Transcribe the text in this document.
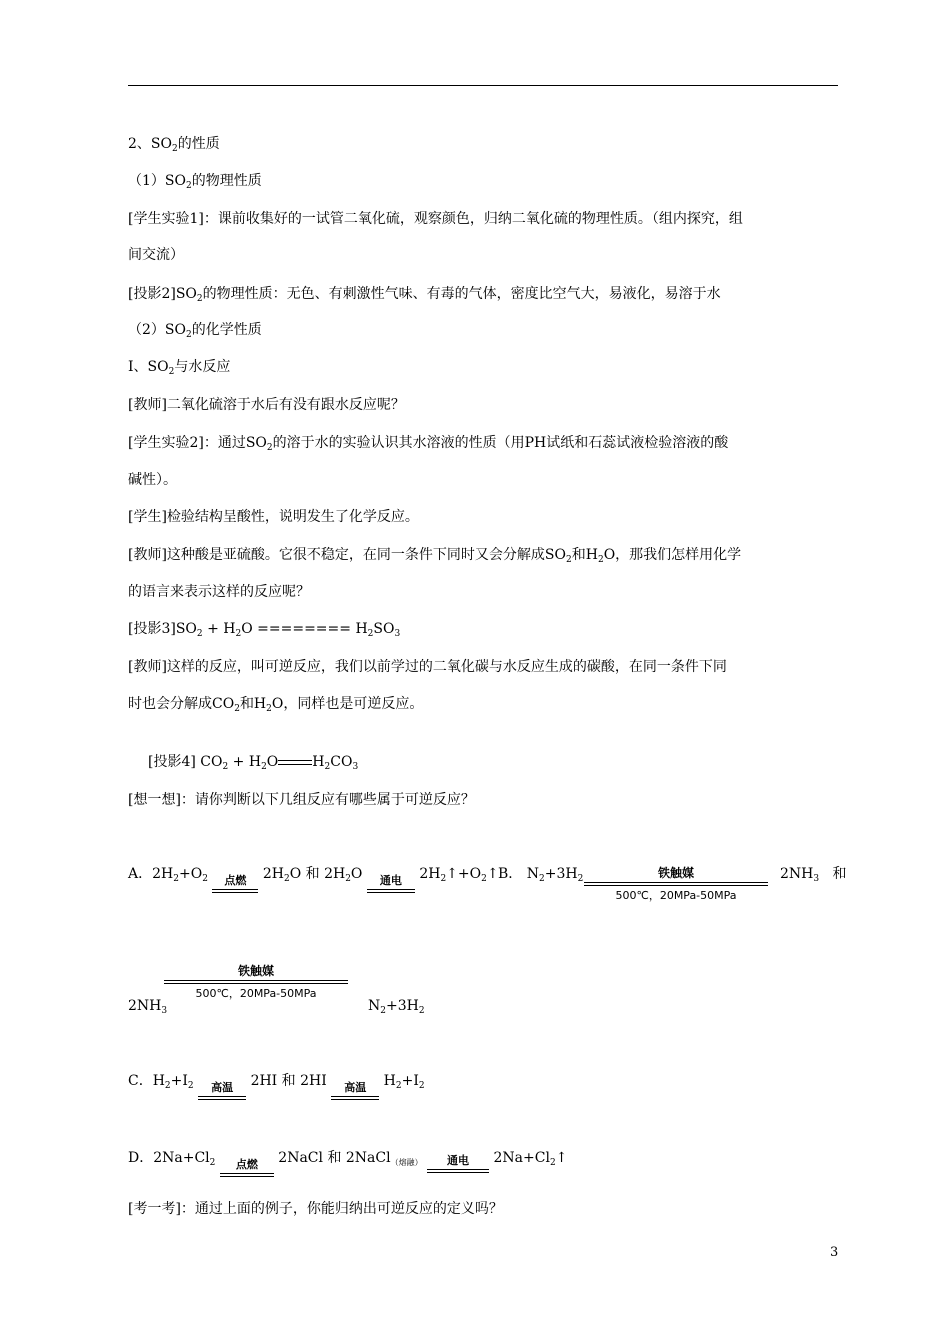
2、$SO_2$的性质
$(1)SO_2$的物理性质
[学生实验1]：课前收集好的一试管二氧化硫，观察颜色，归纳二氧化硫的物理性质。（组内探究，组
间交流）
[投影$2]SO_2$的物理性质：无色、有刺激性气味、有毒的气体，密度比空气大，易液化，易溶于水
$(2)SO_2$的化学性质
I、$SO_2$与水反应
[教师]二氧化硫溶于水后有没有跟水反应呢？
[学生实验2]：通过$SO_2$的溶于水的实验认识其水溶液的性质（用PH试纸和石蕊试液检验溶液的酸
碱性）。
[学生]检验结构呈酸性，说明发生了化学反应。
[教师]这种酸是亚硫酸。它很不稳定，在同一条件下同时又会分解成$SO_2$和$H_2O$，那我们怎样用化学
的语言来表示这样的反应呢？
[投影$3]SO_2 + H_2O$ ======== $H_2SO_3$
[教师]这样的反应，叫可逆反应，我们以前学过的二氧化碳与水反应生成的碳酸，在同一条件下同
时也会分解成$CO_2$和$H_2O$，同样也是可逆反应。
[投影4] $CO_2 + H_2O$ $H_2CO_3$
[想一想]：请你判断以下几组反应有哪些属于可逆反应？
A．$2H_2+O_2$	点燃	$2H_2O$ 和 $2H_2O$	通电	$2H_2↑+O_2↑$ B． $N_2+3H_2$	铁触媒
500℃，20MPa-50MPa
$2NH_3$ 和
$2NH_3$
铁触媒
500℃，20MPa-50MPa
$N_2+3H_2$
C．$H_2+I_2$	高温	2HI 和 2HI	高温	$H_2+I_2$
D．$2Na+Cl_2$	点燃	2NaCl 和 2NaCl$_{(熔融)}$	通电	$2Na+Cl_2↑$
[考一考]：通过上面的例子，你能归纳出可逆反应的定义吗？
3
